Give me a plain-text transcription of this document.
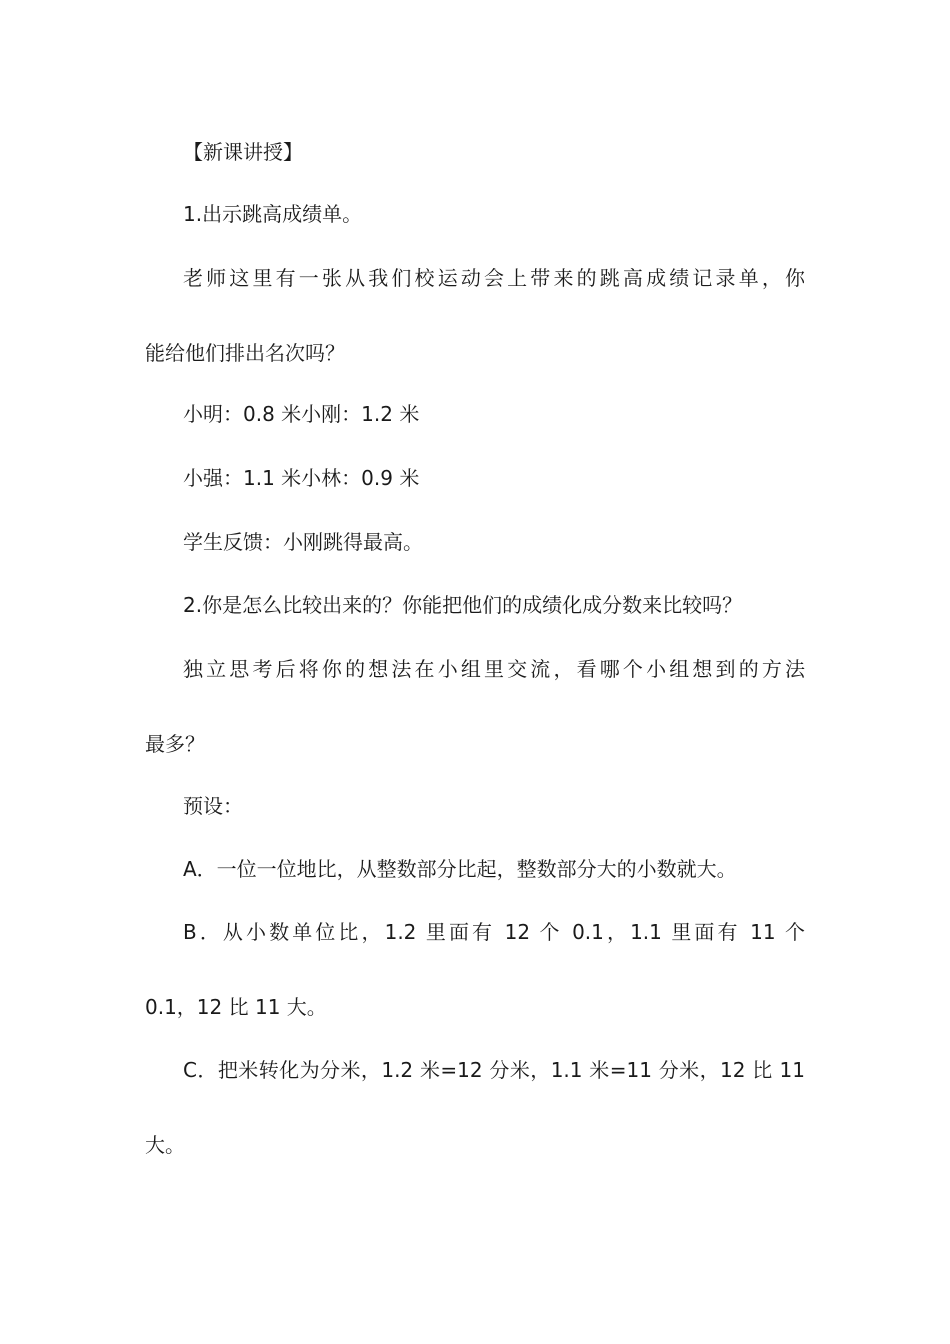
【新课讲授】

1.出示跳高成绩单。

老师这里有一张从我们校运动会上带来的跳高成绩记录单，你

能给他们排出名次吗？

小明：0.8 米小刚：1.2 米

小强：1.1 米小林：0.9 米

学生反馈：小刚跳得最高。

2.你是怎么比较出来的？你能把他们的成绩化成分数来比较吗？

独立思考后将你的想法在小组里交流，看哪个小组想到的方法

最多？

预设：

A．一位一位地比，从整数部分比起，整数部分大的小数就大。

B．从小数单位比，1.2 里面有 12 个 0.1，1.1 里面有 11 个

0.1，12 比 11 大。

C．把米转化为分米，1.2 米=12 分米，1.1 米=11 分米，12 比 11

大。
